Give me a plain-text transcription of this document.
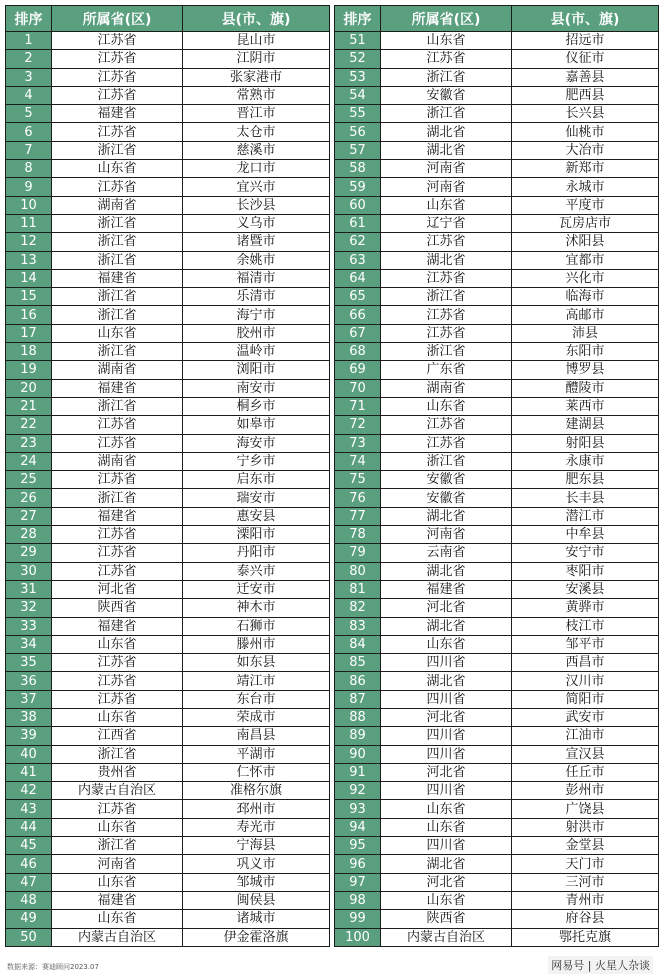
排序	所属省(区)	县(市、旗)
1	江苏省	昆山市
2	江苏省	江阴市
3	江苏省	张家港市
4	江苏省	常熟市
5	福建省	晋江市
6	江苏省	太仓市
7	浙江省	慈溪市
8	山东省	龙口市
9	江苏省	宜兴市
10	湖南省	长沙县
11	浙江省	义乌市
12	浙江省	诸暨市
13	浙江省	余姚市
14	福建省	福清市
15	浙江省	乐清市
16	浙江省	海宁市
17	山东省	胶州市
18	浙江省	温岭市
19	湖南省	浏阳市
20	福建省	南安市
21	浙江省	桐乡市
22	江苏省	如皋市
23	江苏省	海安市
24	湖南省	宁乡市
25	江苏省	启东市
26	浙江省	瑞安市
27	福建省	惠安县
28	江苏省	溧阳市
29	江苏省	丹阳市
30	江苏省	泰兴市
31	河北省	迁安市
32	陕西省	神木市
33	福建省	石狮市
34	山东省	滕州市
35	江苏省	如东县
36	江苏省	靖江市
37	江苏省	东台市
38	山东省	荣成市
39	江西省	南昌县
40	浙江省	平湖市
41	贵州省	仁怀市
42	内蒙古自治区	准格尔旗
43	江苏省	邳州市
44	山东省	寿光市
45	浙江省	宁海县
46	河南省	巩义市
47	山东省	邹城市
48	福建省	闽侯县
49	山东省	诸城市
50	内蒙古自治区	伊金霍洛旗
排序	所属省(区)	县(市、旗)
51	山东省	招远市
52	江苏省	仪征市
53	浙江省	嘉善县
54	安徽省	肥西县
55	浙江省	长兴县
56	湖北省	仙桃市
57	湖北省	大冶市
58	河南省	新郑市
59	河南省	永城市
60	山东省	平度市
61	辽宁省	瓦房店市
62	江苏省	沭阳县
63	湖北省	宜都市
64	江苏省	兴化市
65	浙江省	临海市
66	江苏省	高邮市
67	江苏省	沛县
68	浙江省	东阳市
69	广东省	博罗县
70	湖南省	醴陵市
71	山东省	莱西市
72	江苏省	建湖县
73	江苏省	射阳县
74	浙江省	永康市
75	安徽省	肥东县
76	安徽省	长丰县
77	湖北省	潜江市
78	河南省	中牟县
79	云南省	安宁市
80	湖北省	枣阳市
81	福建省	安溪县
82	河北省	黄骅市
83	湖北省	枝江市
84	山东省	邹平市
85	四川省	西昌市
86	湖北省	汉川市
87	四川省	简阳市
88	河北省	武安市
89	四川省	江油市
90	四川省	宣汉县
91	河北省	任丘市
92	四川省	彭州市
93	山东省	广饶县
94	山东省	射洪市
95	四川省	金堂县
96	湖北省	天门市
97	河北省	三河市
98	山东省	青州市
99	陕西省	府谷县
100	内蒙古自治区	鄂托克旗
数据来源：赛迪顾问2023.07	网易号 | 火星人杂谈
